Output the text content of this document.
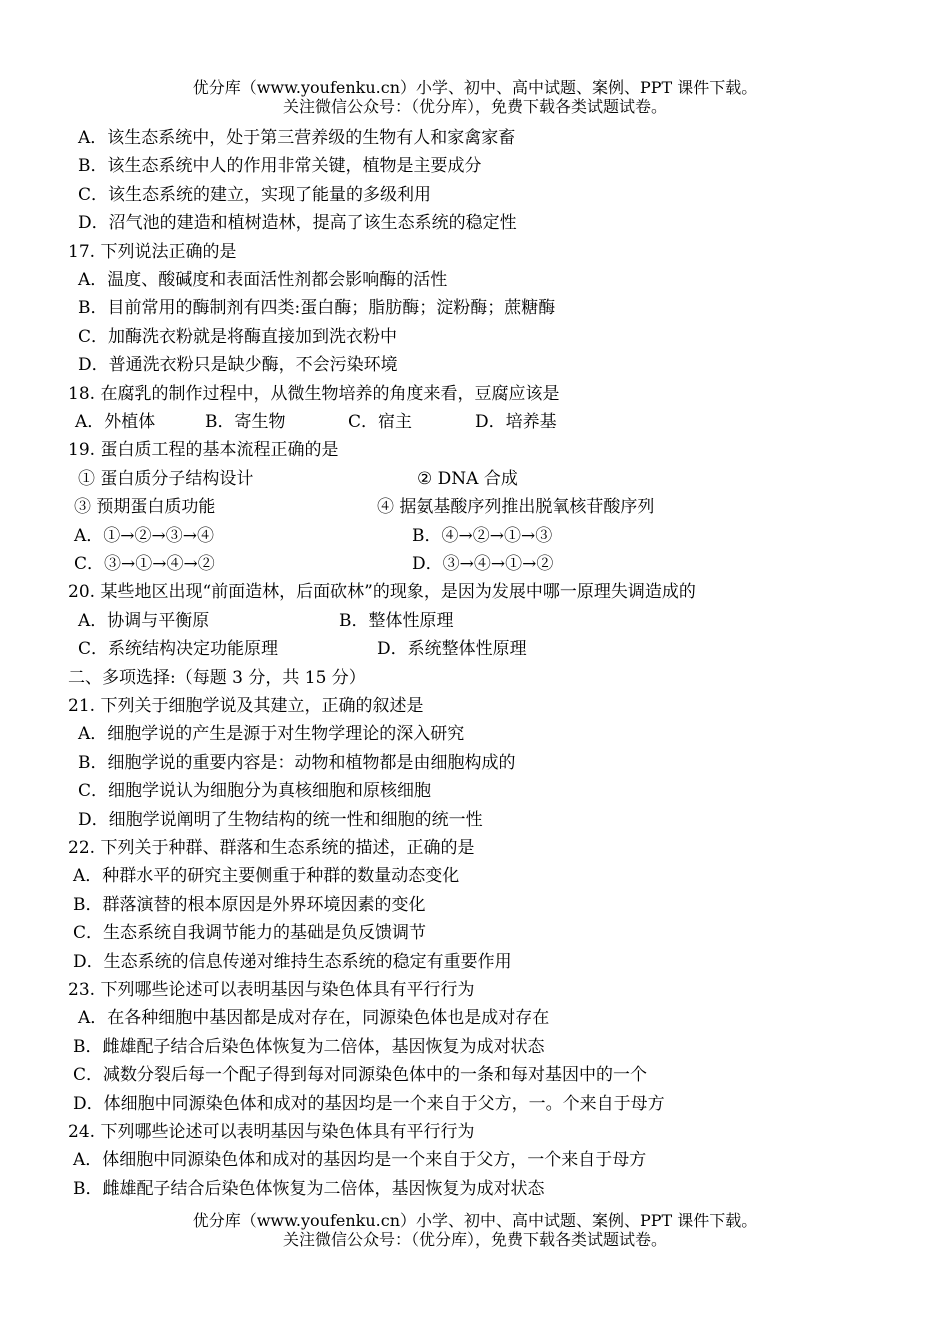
优分库（www.youfenku.cn）小学、初中、高中试题、案例、PPT 课件下载。
关注微信公众号：（优分库），免费下载各类试题试卷。
A．该生态系统中，处于第三营养级的生物有人和家禽家畜
B．该生态系统中人的作用非常关键，植物是主要成分
C．该生态系统的建立，实现了能量的多级利用
D．沼气池的建造和植树造林，提高了该生态系统的稳定性
17. 下列说法正确的是
A．温度、酸碱度和表面活性剂都会影响酶的活性
B．目前常用的酶制剂有四类:蛋白酶；脂肪酶；淀粉酶；蔗糖酶
C．加酶洗衣粉就是将酶直接加到洗衣粉中
D．普通洗衣粉只是缺少酶，不会污染环境
18. 在腐乳的制作过程中，从微生物培养的角度来看，豆腐应该是
A．外植体	B．寄生物	C．宿主	D．培养基
19. 蛋白质工程的基本流程正确的是
① 蛋白质分子结构设计	② DNA 合成
③ 预期蛋白质功能	④ 据氨基酸序列推出脱氧核苷酸序列
A．①→②→③→④	B．④→②→①→③
C．③→①→④→②	D．③→④→①→②
20. 某些地区出现“前面造林，后面砍林”的现象，是因为发展中哪一原理失调造成的
A．协调与平衡原	B．整体性原理
C．系统结构决定功能原理	D．系统整体性原理
二、多项选择:（每题 3 分，共 15 分）
21. 下列关于细胞学说及其建立，正确的叙述是
A．细胞学说的产生是源于对生物学理论的深入研究
B．细胞学说的重要内容是：动物和植物都是由细胞构成的
C．细胞学说认为细胞分为真核细胞和原核细胞
D．细胞学说阐明了生物结构的统一性和细胞的统一性
22. 下列关于种群、群落和生态系统的描述，正确的是
A．种群水平的研究主要侧重于种群的数量动态变化
B．群落演替的根本原因是外界环境因素的变化
C．生态系统自我调节能力的基础是负反馈调节
D．生态系统的信息传递对维持生态系统的稳定有重要作用
23. 下列哪些论述可以表明基因与染色体具有平行行为
A．在各种细胞中基因都是成对存在，同源染色体也是成对存在
B．雌雄配子结合后染色体恢复为二倍体，基因恢复为成对状态
C．减数分裂后每一个配子得到每对同源染色体中的一条和每对基因中的一个
D．体细胞中同源染色体和成对的基因均是一个来自于父方，一。个来自于母方
24. 下列哪些论述可以表明基因与染色体具有平行行为
A．体细胞中同源染色体和成对的基因均是一个来自于父方，一个来自于母方
B．雌雄配子结合后染色体恢复为二倍体，基因恢复为成对状态
优分库（www.youfenku.cn）小学、初中、高中试题、案例、PPT 课件下载。
关注微信公众号：（优分库），免费下载各类试题试卷。
